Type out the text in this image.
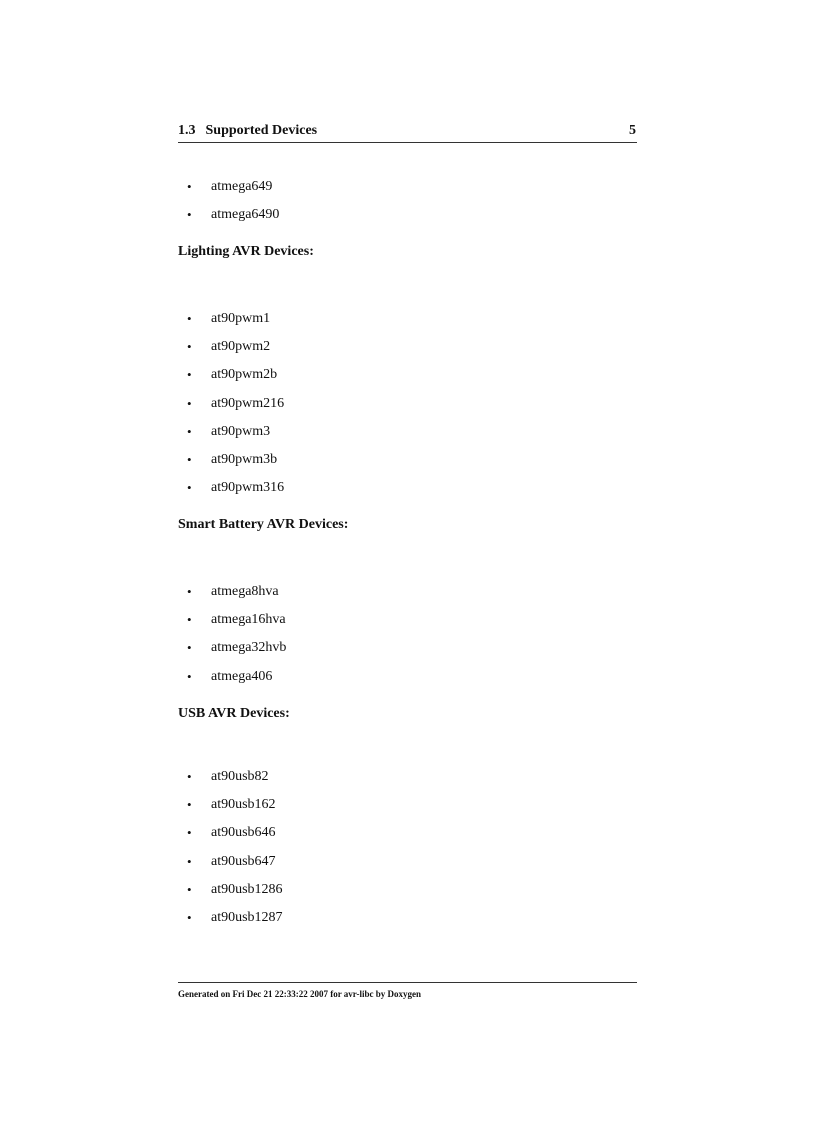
1.3 Supported Devices	5
• atmega649
• atmega6490
Lighting AVR Devices:
• at90pwm1
• at90pwm2
• at90pwm2b
• at90pwm216
• at90pwm3
• at90pwm3b
• at90pwm316
Smart Battery AVR Devices:
• atmega8hva
• atmega16hva
• atmega32hvb
• atmega406
USB AVR Devices:
• at90usb82
• at90usb162
• at90usb646
• at90usb647
• at90usb1286
• at90usb1287
Generated on Fri Dec 21 22:33:22 2007 for avr-libc by Doxygen
